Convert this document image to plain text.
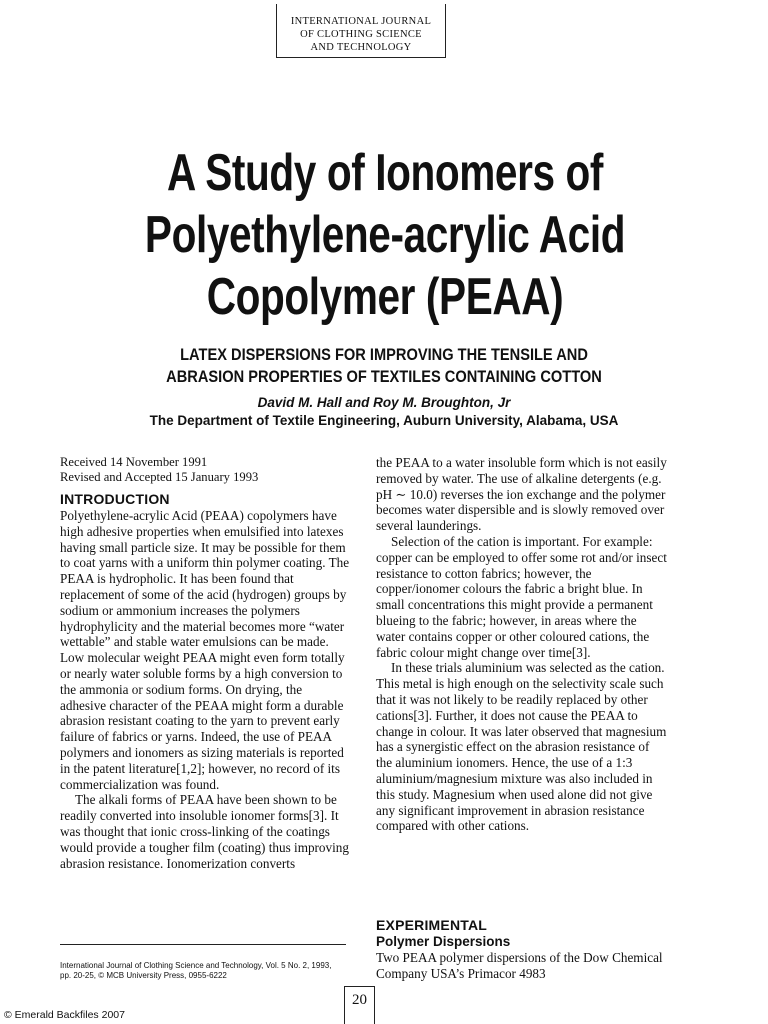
INTERNATIONAL JOURNAL
OF CLOTHING SCIENCE
AND TECHNOLOGY
A Study of Ionomers of
Polyethylene-acrylic Acid
Copolymer (PEAA)
LATEX DISPERSIONS FOR IMPROVING THE TENSILE AND
ABRASION PROPERTIES OF TEXTILES CONTAINING COTTON
David M. Hall and Roy M. Broughton, Jr
The Department of Textile Engineering, Auburn University, Alabama, USA

Received 14 November 1991
Revised and Accepted 15 January 1993

INTRODUCTION

Polyethylene-acrylic Acid (PEAA) copolymers have high adhesive properties when emulsified into latexes having small particle size. It may be possible for them to coat yarns with a uniform thin polymer coating. The PEAA is hydropholic. It has been found that replacement of some of the acid (hydrogen) groups by sodium or ammonium increases the polymers hydrophylicity and the material becomes more “water wettable” and stable water emulsions can be made. Low molecular weight PEAA might even form totally or nearly water soluble forms by a high conversion to the ammonia or sodium forms. On drying, the adhesive character of the PEAA might form a durable abrasion resistant coating to the yarn to prevent early failure of fabrics or yarns. Indeed, the use of PEAA polymers and ionomers as sizing materials is reported in the patent literature[1,2]; however, no record of its commercialization was found.

The alkali forms of PEAA have been shown to be readily converted into insoluble ionomer forms[3]. It was thought that ionic cross-linking of the coatings would provide a tougher film (coating) thus improving abrasion resistance. Ionomerization converts

the PEAA to a water insoluble form which is not easily removed by water. The use of alkaline detergents (e.g. pH ∼ 10.0) reverses the ion exchange and the polymer becomes water dispersible and is slowly removed over several launderings.

Selection of the cation is important. For example: copper can be employed to offer some rot and/or insect resistance to cotton fabrics; however, the copper/ionomer colours the fabric a bright blue. In small concentrations this might provide a permanent blueing to the fabric; however, in areas where the water contains copper or other coloured cations, the fabric colour might change over time[3].

In these trials aluminium was selected as the cation. This metal is high enough on the selectivity scale such that it was not likely to be readily replaced by other cations[3]. Further, it does not cause the PEAA to change in colour. It was later observed that magnesium has a synergistic effect on the abrasion resistance of the aluminium ionomers. Hence, the use of a 1:3 aluminium/magnesium mixture was also included in this study. Magnesium when used alone did not give any significant improvement in abrasion resistance compared with other cations.

EXPERIMENTAL

Polymer Dispersions

Two PEAA polymer dispersions of the Dow Chemical Company USA’s Primacor 4983

International Journal of Clothing Science and Technology, Vol. 5 No. 2, 1993,
pp. 20-25, © MCB University Press, 0955-6222
20
© Emerald Backfiles 2007
